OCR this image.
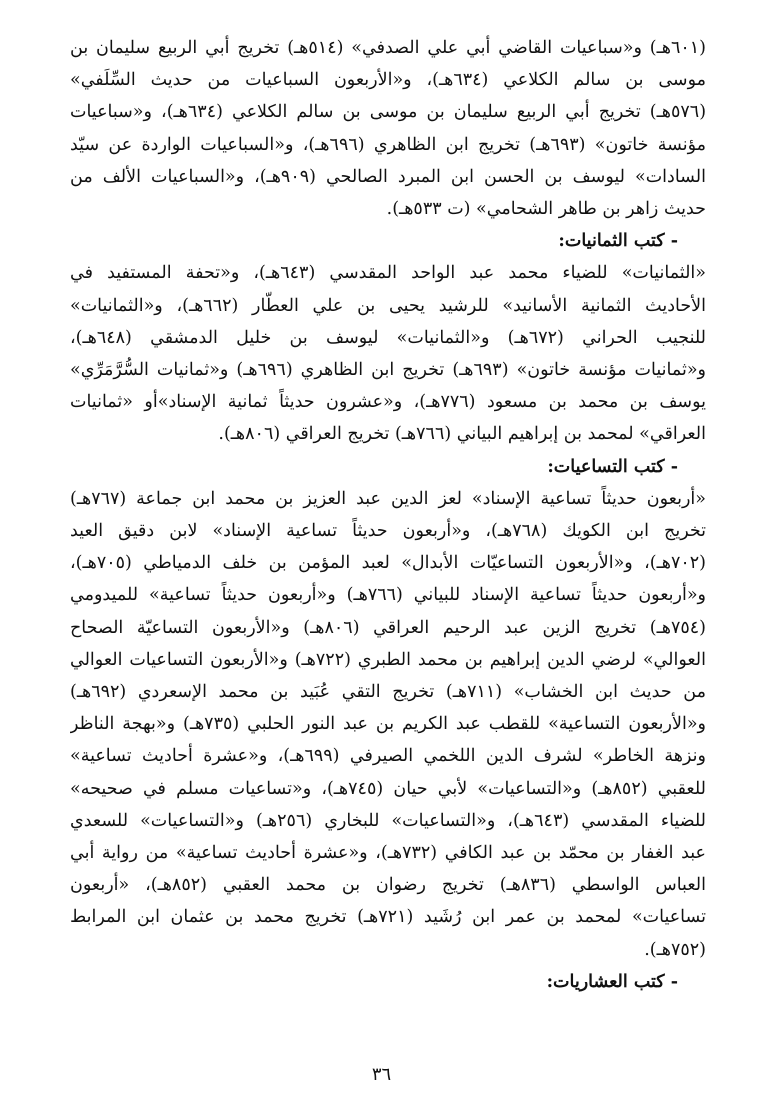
(٦٠١هـ) و«سباعيات القاضي أبي علي الصدفي» (٥١٤هـ) تخريج أبي الربيع سليمان بن
موسى بن سالم الكلاعي (٦٣٤هـ)، و«الأربعون السباعيات من حديث السِّلَفي»
(٥٧٦هـ) تخريج أبي الربيع سليمان بن موسى بن سالم الكلاعي (٦٣٤هـ)، و«سباعيات
مؤنسة خاتون» (٦٩٣هـ) تخريج ابن الظاهري (٦٩٦هـ)، و«السباعيات الواردة عن سيّد
السادات» ليوسف بن الحسن ابن المبرد الصالحي (٩٠٩هـ)، و«السباعيات الألف من
حديث زاهر بن طاهر الشحامي» (ت ٥٣٣هـ).
- كتب الثمانيات:
«الثمانيات» للضياء محمد عبد الواحد المقدسي (٦٤٣هـ)، و«تحفة المستفيد في
الأحاديث الثمانية الأسانيد» للرشيد يحيى بن علي العطّار (٦٦٢هـ)، و«الثمانيات»
للنجيب الحراني (٦٧٢هـ) و«الثمانيات» ليوسف بن خليل الدمشقي (٦٤٨هـ)،
و«ثمانيات مؤنسة خاتون» (٦٩٣هـ) تخريج ابن الظاهري (٦٩٦هـ) و«ثمانيات السُّرَّمَرِّي»
يوسف بن محمد بن مسعود (٧٧٦هـ)، و«عشرون حديثاً ثمانية الإسناد»أو «ثمانيات
العراقي» لمحمد بن إبراهيم البياني (٧٦٦هـ) تخريج العراقي (٨٠٦هـ).
- كتب التساعيات:
«أربعون حديثاً تساعية الإسناد» لعز الدين عبد العزيز بن محمد ابن جماعة (٧٦٧هـ)
تخريج ابن الكويك (٧٦٨هـ)، و«أربعون حديثاً تساعية الإسناد» لابن دقيق العيد
(٧٠٢هـ)، و«الأربعون التساعيّات الأبدال» لعبد المؤمن بن خلف الدمياطي (٧٠٥هـ)،
و«أربعون حديثاً تساعية الإسناد للبياني (٧٦٦هـ) و«أربعون حديثاً تساعية» للميدومي
(٧٥٤هـ) تخريج الزين عبد الرحيم العراقي (٨٠٦هـ) و«الأربعون التساعيّة الصحاح
العوالي» لرضي الدين إبراهيم بن محمد الطبري (٧٢٢هـ) و«الأربعون التساعيات العوالي
من حديث ابن الخشاب» (٧١١هـ) تخريج التقي عُبَيد بن محمد الإسعردي (٦٩٢هـ)
و«الأربعون التساعية» للقطب عبد الكريم بن عبد النور الحلبي (٧٣٥هـ) و«بهجة الناظر
ونزهة الخاطر» لشرف الدين اللخمي الصيرفي (٦٩٩هـ)، و«عشرة أحاديث تساعية»
للعقبي (٨٥٢هـ) و«التساعيات» لأبي حيان (٧٤٥هـ)، و«تساعيات مسلم في صحيحه»
للضياء المقدسي (٦٤٣هـ)، و«التساعيات» للبخاري (٢٥٦هـ) و«التساعيات» للسعدي
عبد الغفار بن محمّد بن عبد الكافي (٧٣٢هـ)، و«عشرة أحاديث تساعية» من رواية أبي
العباس الواسطي (٨٣٦هـ) تخريج رضوان بن محمد العقبي (٨٥٢هـ)، «أربعون
تساعيات» لمحمد بن عمر ابن رُشَيد (٧٢١هـ) تخريج محمد بن عثمان ابن المرابط
(٧٥٢هـ).
- كتب العشاريات:
٣٦
